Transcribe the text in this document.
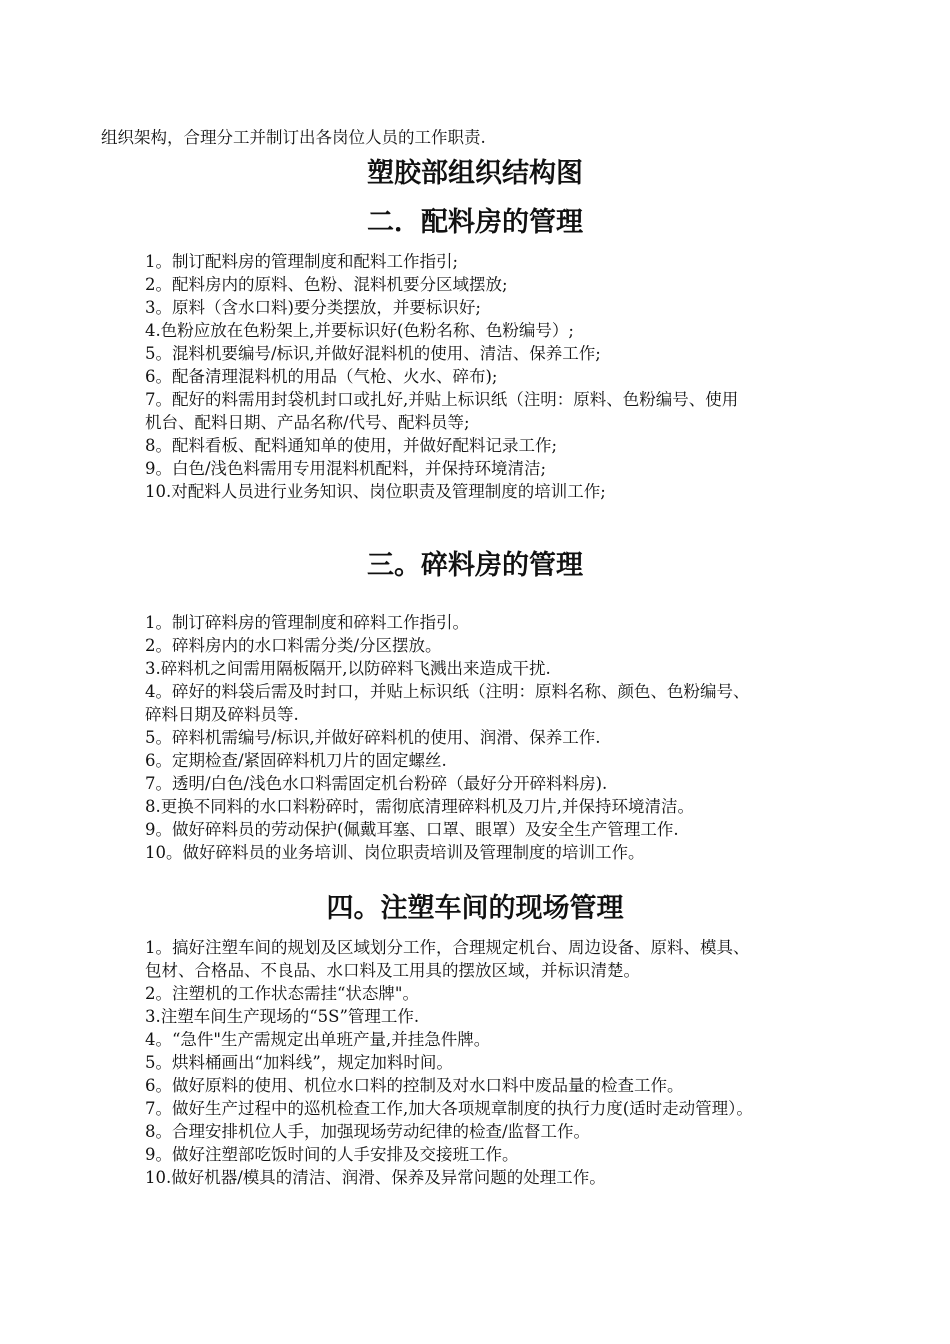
组织架构，合理分工并制订出各岗位人员的工作职责.
塑胶部组织结构图
二．配料房的管理
1。制订配料房的管理制度和配料工作指引;
2。配料房内的原料、色粉、混料机要分区域摆放;
3。原料（含水口料)要分类摆放，并要标识好;
4.色粉应放在色粉架上,并要标识好(色粉名称、色粉编号）;
5。混料机要编号/标识,并做好混料机的使用、清洁、保养工作;
6。配备清理混料机的用品（气枪、火水、碎布);
7。配好的料需用封袋机封口或扎好,并贴上标识纸（注明：原料、色粉编号、使用
机台、配料日期、产品名称/代号、配料员等;
8。配料看板、配料通知单的使用，并做好配料记录工作;
9。白色/浅色料需用专用混料机配料，并保持环境清洁;
10.对配料人员进行业务知识、岗位职责及管理制度的培训工作;
三。碎料房的管理
1。制订碎料房的管理制度和碎料工作指引。
2。碎料房内的水口料需分类/分区摆放。
3.碎料机之间需用隔板隔开,以防碎料飞溅出来造成干扰.
4。碎好的料袋后需及时封口，并贴上标识纸（注明：原料名称、颜色、色粉编号、
碎料日期及碎料员等.
5。碎料机需编号/标识,并做好碎料机的使用、润滑、保养工作.
6。定期检查/紧固碎料机刀片的固定螺丝.
7。透明/白色/浅色水口料需固定机台粉碎（最好分开碎料料房).
8.更换不同料的水口料粉碎时，需彻底清理碎料机及刀片,并保持环境清洁。
9。做好碎料员的劳动保护(佩戴耳塞、口罩、眼罩）及安全生产管理工作.
10。做好碎料员的业务培训、岗位职责培训及管理制度的培训工作。
四。注塑车间的现场管理
1。搞好注塑车间的规划及区域划分工作，合理规定机台、周边设备、原料、模具、
包材、合格品、不良品、水口料及工用具的摆放区域，并标识清楚。
2。注塑机的工作状态需挂“状态牌"。
3.注塑车间生产现场的“5S”管理工作.
4。“急件"生产需规定出单班产量,并挂急件牌。
5。烘料桶画出“加料线”，规定加料时间。
6。做好原料的使用、机位水口料的控制及对水口料中废品量的检查工作。
7。做好生产过程中的巡机检查工作,加大各项规章制度的执行力度(适时走动管理）。
8。合理安排机位人手，加强现场劳动纪律的检查/监督工作。
9。做好注塑部吃饭时间的人手安排及交接班工作。
10.做好机器/模具的清洁、润滑、保养及异常问题的处理工作。
